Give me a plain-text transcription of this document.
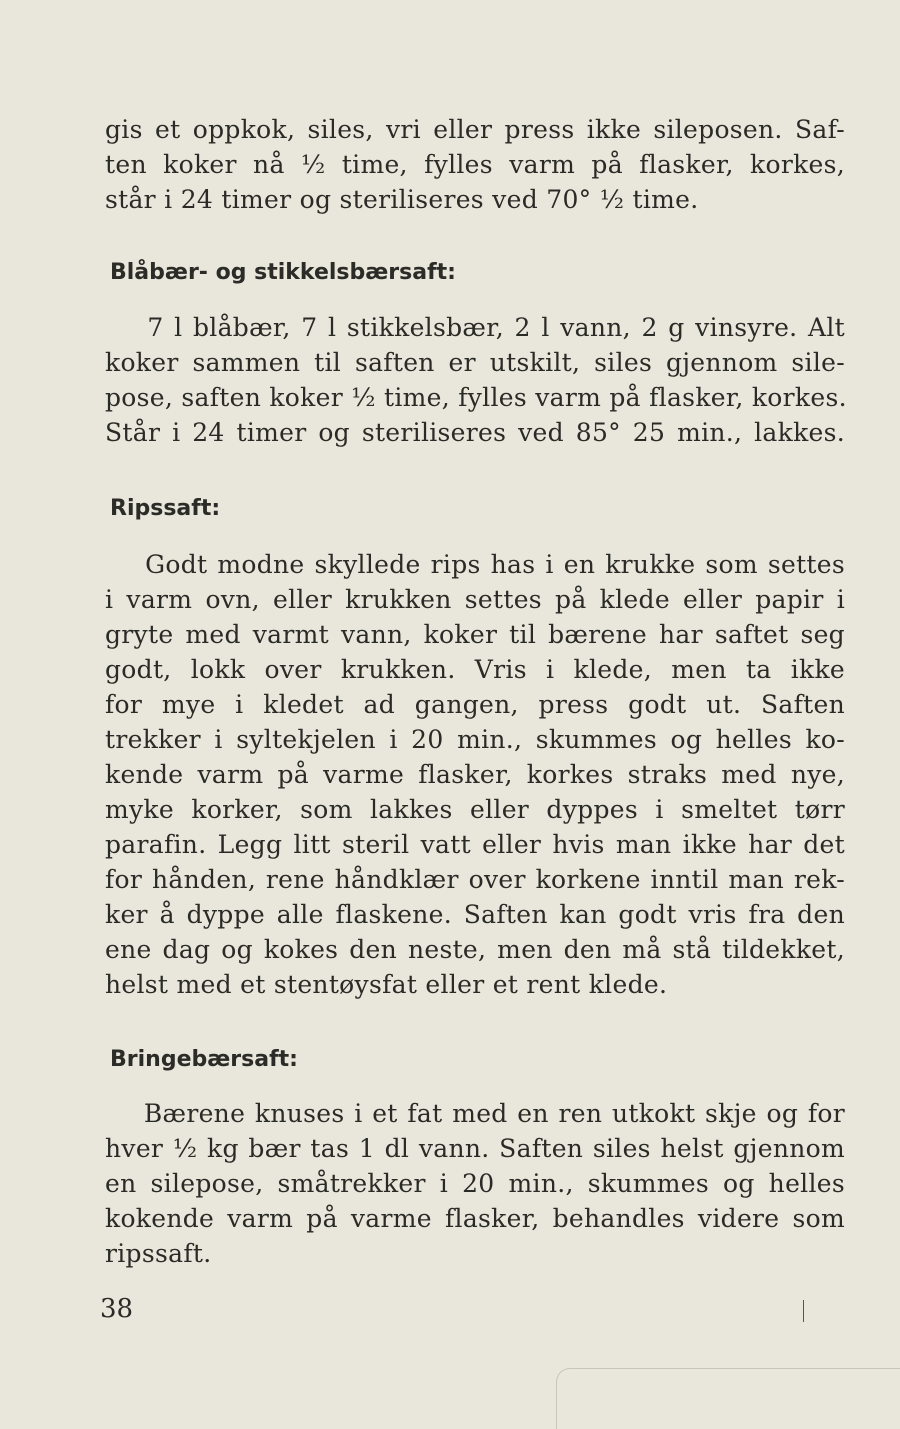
gis et oppkok, siles, vri eller press ikke sileposen. Saf-
ten koker nå ½ time, fylles varm på flasker, korkes,
står i 24 timer og steriliseres ved 70° ½ time.
Blåbær- og stikkelsbærsaft:
7 l blåbær, 7 l stikkelsbær, 2 l vann, 2 g vinsyre. Alt
koker sammen til saften er utskilt, siles gjennom sile-
pose, saften koker ½ time, fylles varm på flasker, korkes.
Står i 24 timer og steriliseres ved 85° 25 min., lakkes.
Ripssaft:
Godt modne skyllede rips has i en krukke som settes
i varm ovn, eller krukken settes på klede eller papir i
gryte med varmt vann, koker til bærene har saftet seg
godt, lokk over krukken. Vris i klede, men ta ikke
for mye i kledet ad gangen, press godt ut. Saften
trekker i syltekjelen i 20 min., skummes og helles ko-
kende varm på varme flasker, korkes straks med nye,
myke korker, som lakkes eller dyppes i smeltet tørr
parafin. Legg litt steril vatt eller hvis man ikke har det
for hånden, rene håndklær over korkene inntil man rek-
ker å dyppe alle flaskene. Saften kan godt vris fra den
ene dag og kokes den neste, men den må stå tildekket,
helst med et stentøysfat eller et rent klede.
Bringebærsaft:
Bærene knuses i et fat med en ren utkokt skje og for
hver ½ kg bær tas 1 dl vann. Saften siles helst gjennom
en silepose, småtrekker i 20 min., skummes og helles
kokende varm på varme flasker, behandles videre som
ripssaft.
38
